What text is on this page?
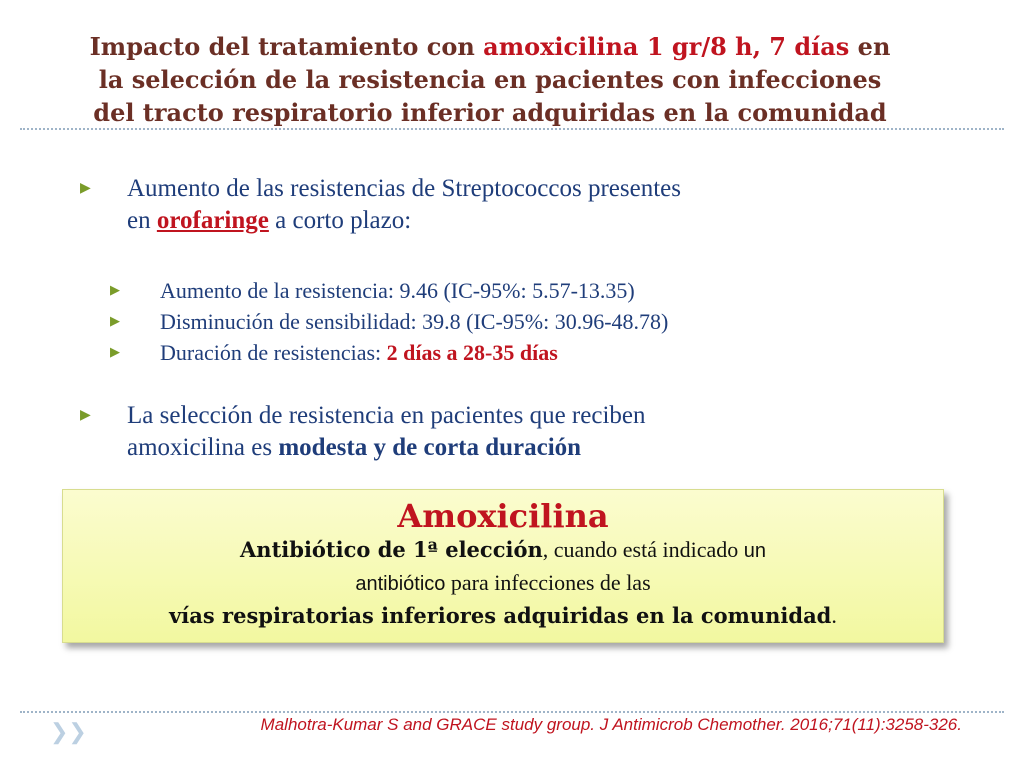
Impacto del tratamiento con amoxicilina 1 gr/8 h, 7 días en
la selección de la resistencia en pacientes con infecciones
del tracto respiratorio inferior adquiridas en la comunidad
▶ Aumento de las resistencias de Streptococcos presentes
en orofaringe a corto plazo:
▶ Aumento de la resistencia: 9.46 (IC-95%: 5.57-13.35)
▶ Disminución de sensibilidad: 39.8 (IC-95%: 30.96-48.78)
▶ Duración de resistencias: 2 días a 28-35 días
▶ La selección de resistencia en pacientes que reciben
amoxicilina es modesta y de corta duración
Amoxicilina
Antibiótico de 1ª elección, cuando está indicado un
antibiótico para infecciones de las
vías respiratorias inferiores adquiridas en la comunidad.
❯❯	Malhotra-Kumar S and GRACE study group. J Antimicrob Chemother. 2016;71(11):3258-326.
